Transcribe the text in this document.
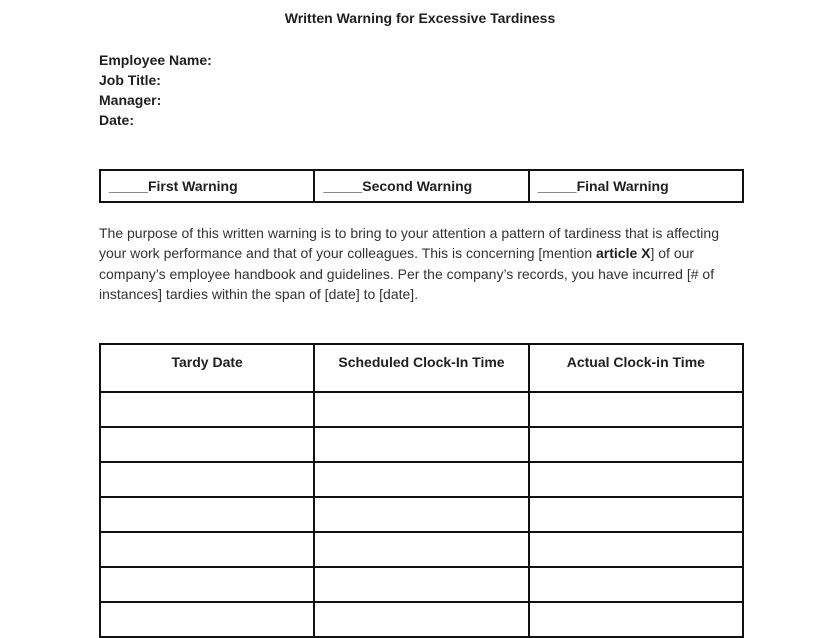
Written Warning for Excessive Tardiness
Employee Name:
Job Title:
Manager:
Date:
_____First Warning	_____Second Warning	_____Final Warning
The purpose of this written warning is to bring to your attention a pattern of tardiness that is affecting your work performance and that of your colleagues. This is concerning [mention article X] of our company’s employee handbook and guidelines. Per the company’s records, you have incurred [# of instances] tardies within the span of [date] to [date].
Tardy Date	Scheduled Clock-In Time	Actual Clock-in Time
